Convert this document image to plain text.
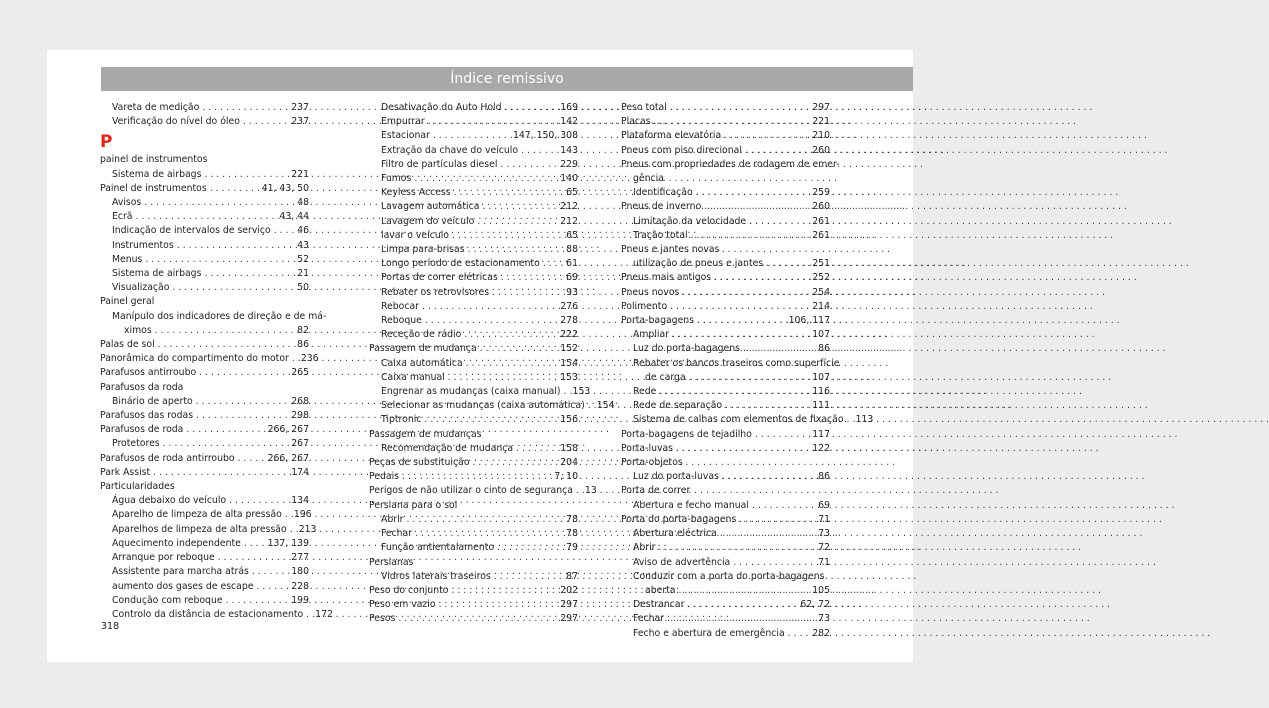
Índice remissivo
Vareta de medição . . .	237
Verificação do nível do óleo . . .	237
P
painel de instrumentos
Sistema de airbags . . .	221
Painel de instrumentos . . .	41, 43, 50
Avisos . . .	48
Ecrã . . .	43, 44
Indicação de intervalos de serviço . . .	46
Instrumentos . . .	43
Menus . . .	52
Sistema de airbags . . .	21
Visualização . . .	50
Painel geral
Manípulo dos indicadores de direção e de má-
ximos . . .	82
Palas de sol . . .	86
Panorâmica do compartimento do motor . . . 236
Parafusos antirroubo . . .	265
Parafusos da roda
Binário de aperto . . .	268
Parafusos das rodas . . .	298
Parafusos de roda . . .	266, 267
Protetores . . .	267
Parafusos de roda antirroubo . . .	266, 267
Park Assist . . .	174
Particularidades
Água debaixo do veículo . . .	134
Aparelho de limpeza de alta pressão . . . 196
Aparelhos de limpeza de alta pressão . . . 213
Aquecimento independente . . .	137, 139
Arranque por reboque . . .	277
Assistente para marcha atrás . . .	180
aumento dos gases de escape . . .	228
Condução com reboque . . .	199
Controlo da distância de estacionamento . . . 172
Desativação do Auto Hold . . .	169
Empurrar . . .	142
Estacionar . . .	147, 150, 308
Extração da chave do veículo . . .	143
Filtro de partículas diesel . . .	229
Fumos . . .	140
Keyless Access . . .	65
Lavagem automática . . .	212
Lavagem do veículo . . .	212
lavar o veículo . . .	65
Limpa para-brisas . . .	88
Longo período de estacionamento . . .	61
Portas de correr elétricas . . .	69
Rebater os retrovisores . . .	93
Rebocar . . .	276
Reboque . . .	278
Receção de rádio . . .	222
Passagem de mudança . . .	152
Caixa automática . . .	154
Caixa manual . . .	153
Engrenar as mudanças (caixa manual) . . . 153
Selecionar as mudanças (caixa automática) . . . 154
Tiptronic . . .	156
Passagem de mudanças
Recomendação de mudança . . .	158
Peças de substituição . . .	204
Pedais . . .	7, 10
Perigos de não utilizar o cinto de segurança . . . 13
Persiana para o sol
Abrir . . .	78
Fechar . . .	78
Função antientalamento . . .	79
Persianas
Vidros laterais traseiros . . .	87
Peso do conjunto . . .	202
Peso em vazio . . .	297
Pesos . . .	297
Peso total . . .	297
Placas . . .	221
Plataforma elevatória . . .	210
Pneus com piso direcional . . .	260
Pneus com propriedades de rodagem de emer-
gência
Identificação . . .	259
Pneus de inverno . . .	260
Limitação da velocidade . . .	261
Tração total . . .	261
Pneus e jantes novas
utilização de pneus e jantes . . .	251
Pneus mais antigos . . .	252
Pneus novos . . .	254
Polimento . . .	214
Porta-bagagens . . .	106, 117
Ampliar . . .	107
Luz do porta-bagagens . . .	86
Rebater os bancos traseiros como superfície
de carga . . .	107
Rede . . .	116
Rede de separação . . .	111
Sistema de calhas com elementos de fixação . . . 113
Porta-bagagens de tejadilho . . .	117
Porta-luvas . . .	122
Porta-objetos
Luz do porta-luvas . . .	86
Porta de correr
Abertura e fecho manual . . .	69
Porta do porta-bagagens . . .	71
Abertura eléctrica . . .	73
Abrir . . .	72
Aviso de advertência . . .	71
Conduzir com a porta do porta-bagagens
aberta . . .	105
Destrancar . . .	62, 72
Fechar . . .	73
Fecho e abertura de emergência . . .	282
318
